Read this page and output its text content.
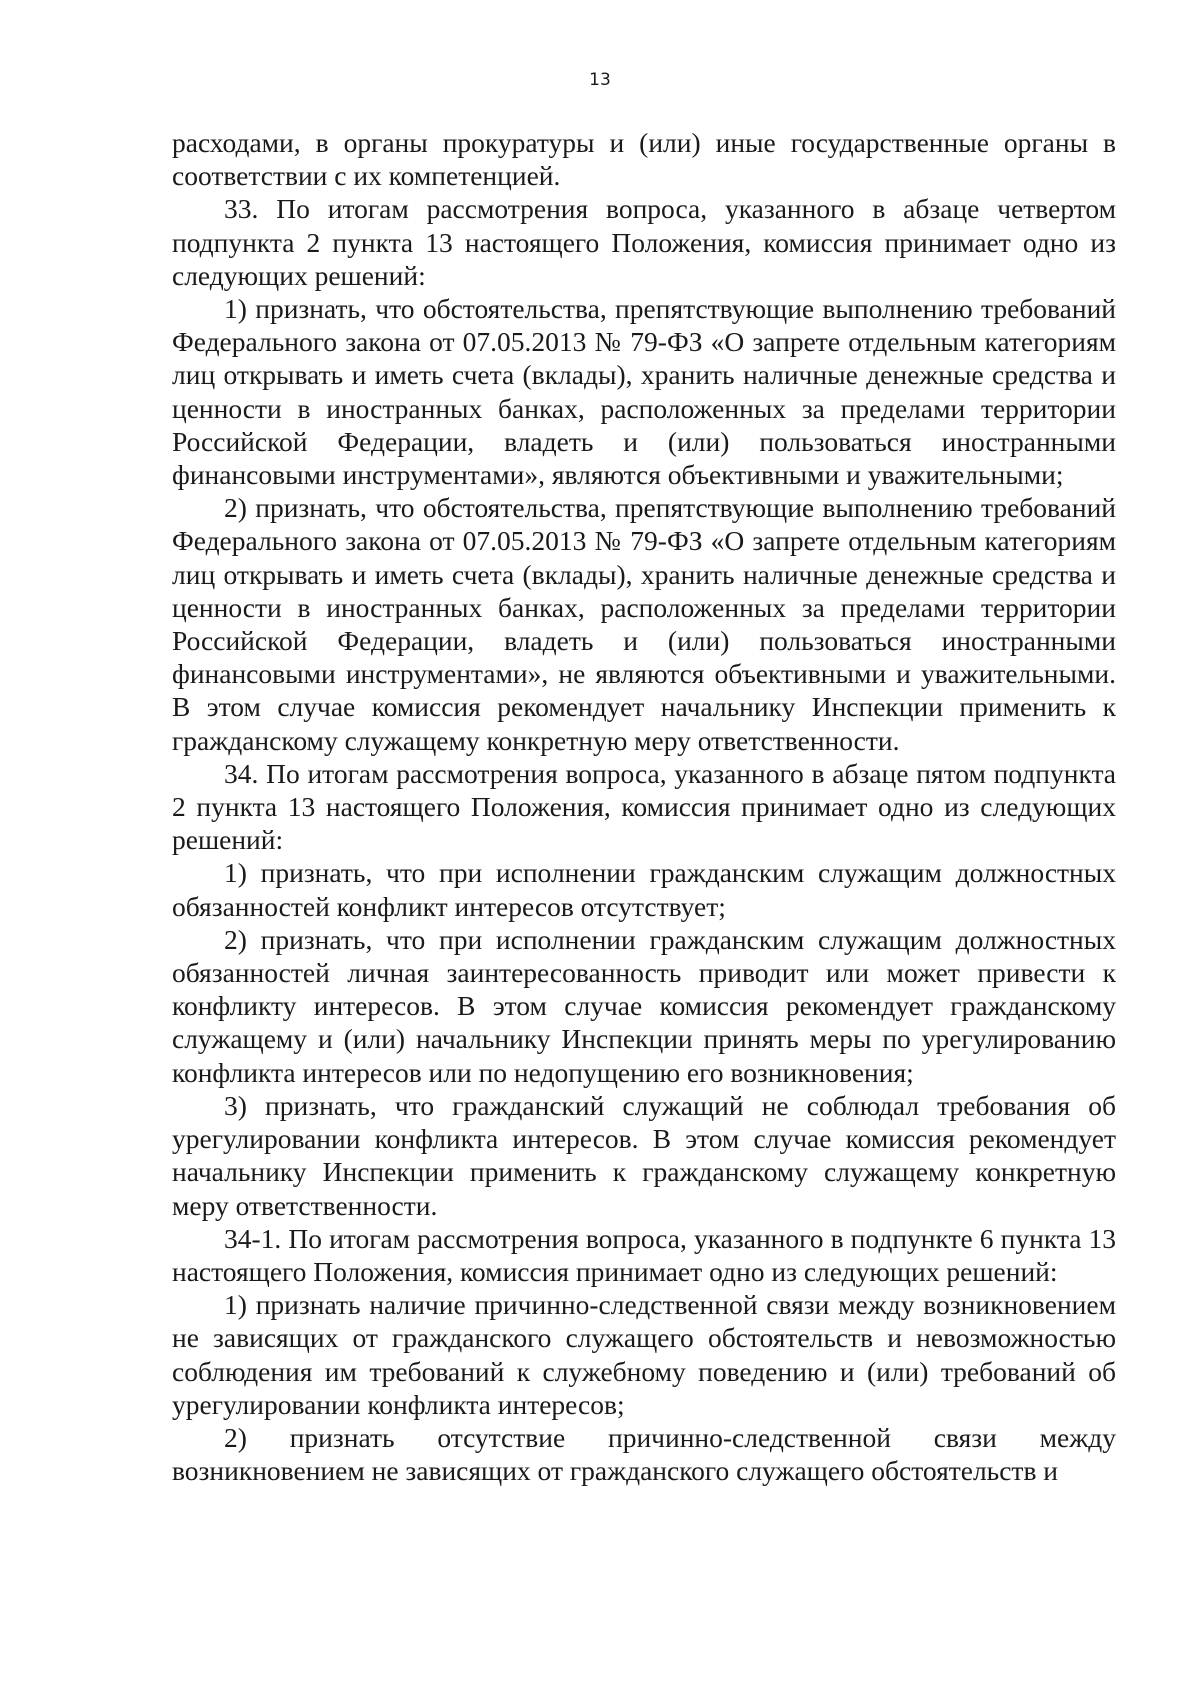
13

расходами, в органы прокуратуры и (или) иные государственные органы в соответствии с их компетенцией.

33. По итогам рассмотрения вопроса, указанного в абзаце четвертом подпункта 2 пункта 13 настоящего Положения, комиссия принимает одно из следующих решений:

1) признать, что обстоятельства, препятствующие выполнению требований Федерального закона от 07.05.2013 № 79-ФЗ «О запрете отдельным категориям лиц открывать и иметь счета (вклады), хранить наличные денежные средства и ценности в иностранных банках, расположенных за пределами территории Российской Федерации, владеть и (или) пользоваться иностранными финансовыми инструментами», являются объективными и уважительными;

2) признать, что обстоятельства, препятствующие выполнению требований Федерального закона от 07.05.2013 № 79-ФЗ «О запрете отдельным категориям лиц открывать и иметь счета (вклады), хранить наличные денежные средства и ценности в иностранных банках, расположенных за пределами территории Российской Федерации, владеть и (или) пользоваться иностранными финансовыми инструментами», не являются объективными и уважительными. В этом случае комиссия рекомендует начальнику Инспекции применить к гражданскому служащему конкретную меру ответственности.

34. По итогам рассмотрения вопроса, указанного в абзаце пятом подпункта 2 пункта 13 настоящего Положения, комиссия принимает одно из следующих решений:

1) признать, что при исполнении гражданским служащим должностных обязанностей конфликт интересов отсутствует;

2) признать, что при исполнении гражданским служащим должностных обязанностей личная заинтересованность приводит или может привести к конфликту интересов. В этом случае комиссия рекомендует гражданскому служащему и (или) начальнику Инспекции принять меры по урегулированию конфликта интересов или по недопущению его возникновения;

3) признать, что гражданский служащий не соблюдал требования об урегулировании конфликта интересов. В этом случае комиссия рекомендует начальнику Инспекции применить к гражданскому служащему конкретную меру ответственности.

34-1. По итогам рассмотрения вопроса, указанного в подпункте 6 пункта 13 настоящего Положения, комиссия принимает одно из следующих решений:

1) признать наличие причинно-следственной связи между возникновением не зависящих от гражданского служащего обстоятельств и невозможностью соблюдения им требований к служебному поведению и (или) требований об урегулировании конфликта интересов;

2) признать отсутствие причинно-следственной связи между возникновением не зависящих от гражданского служащего обстоятельств и
